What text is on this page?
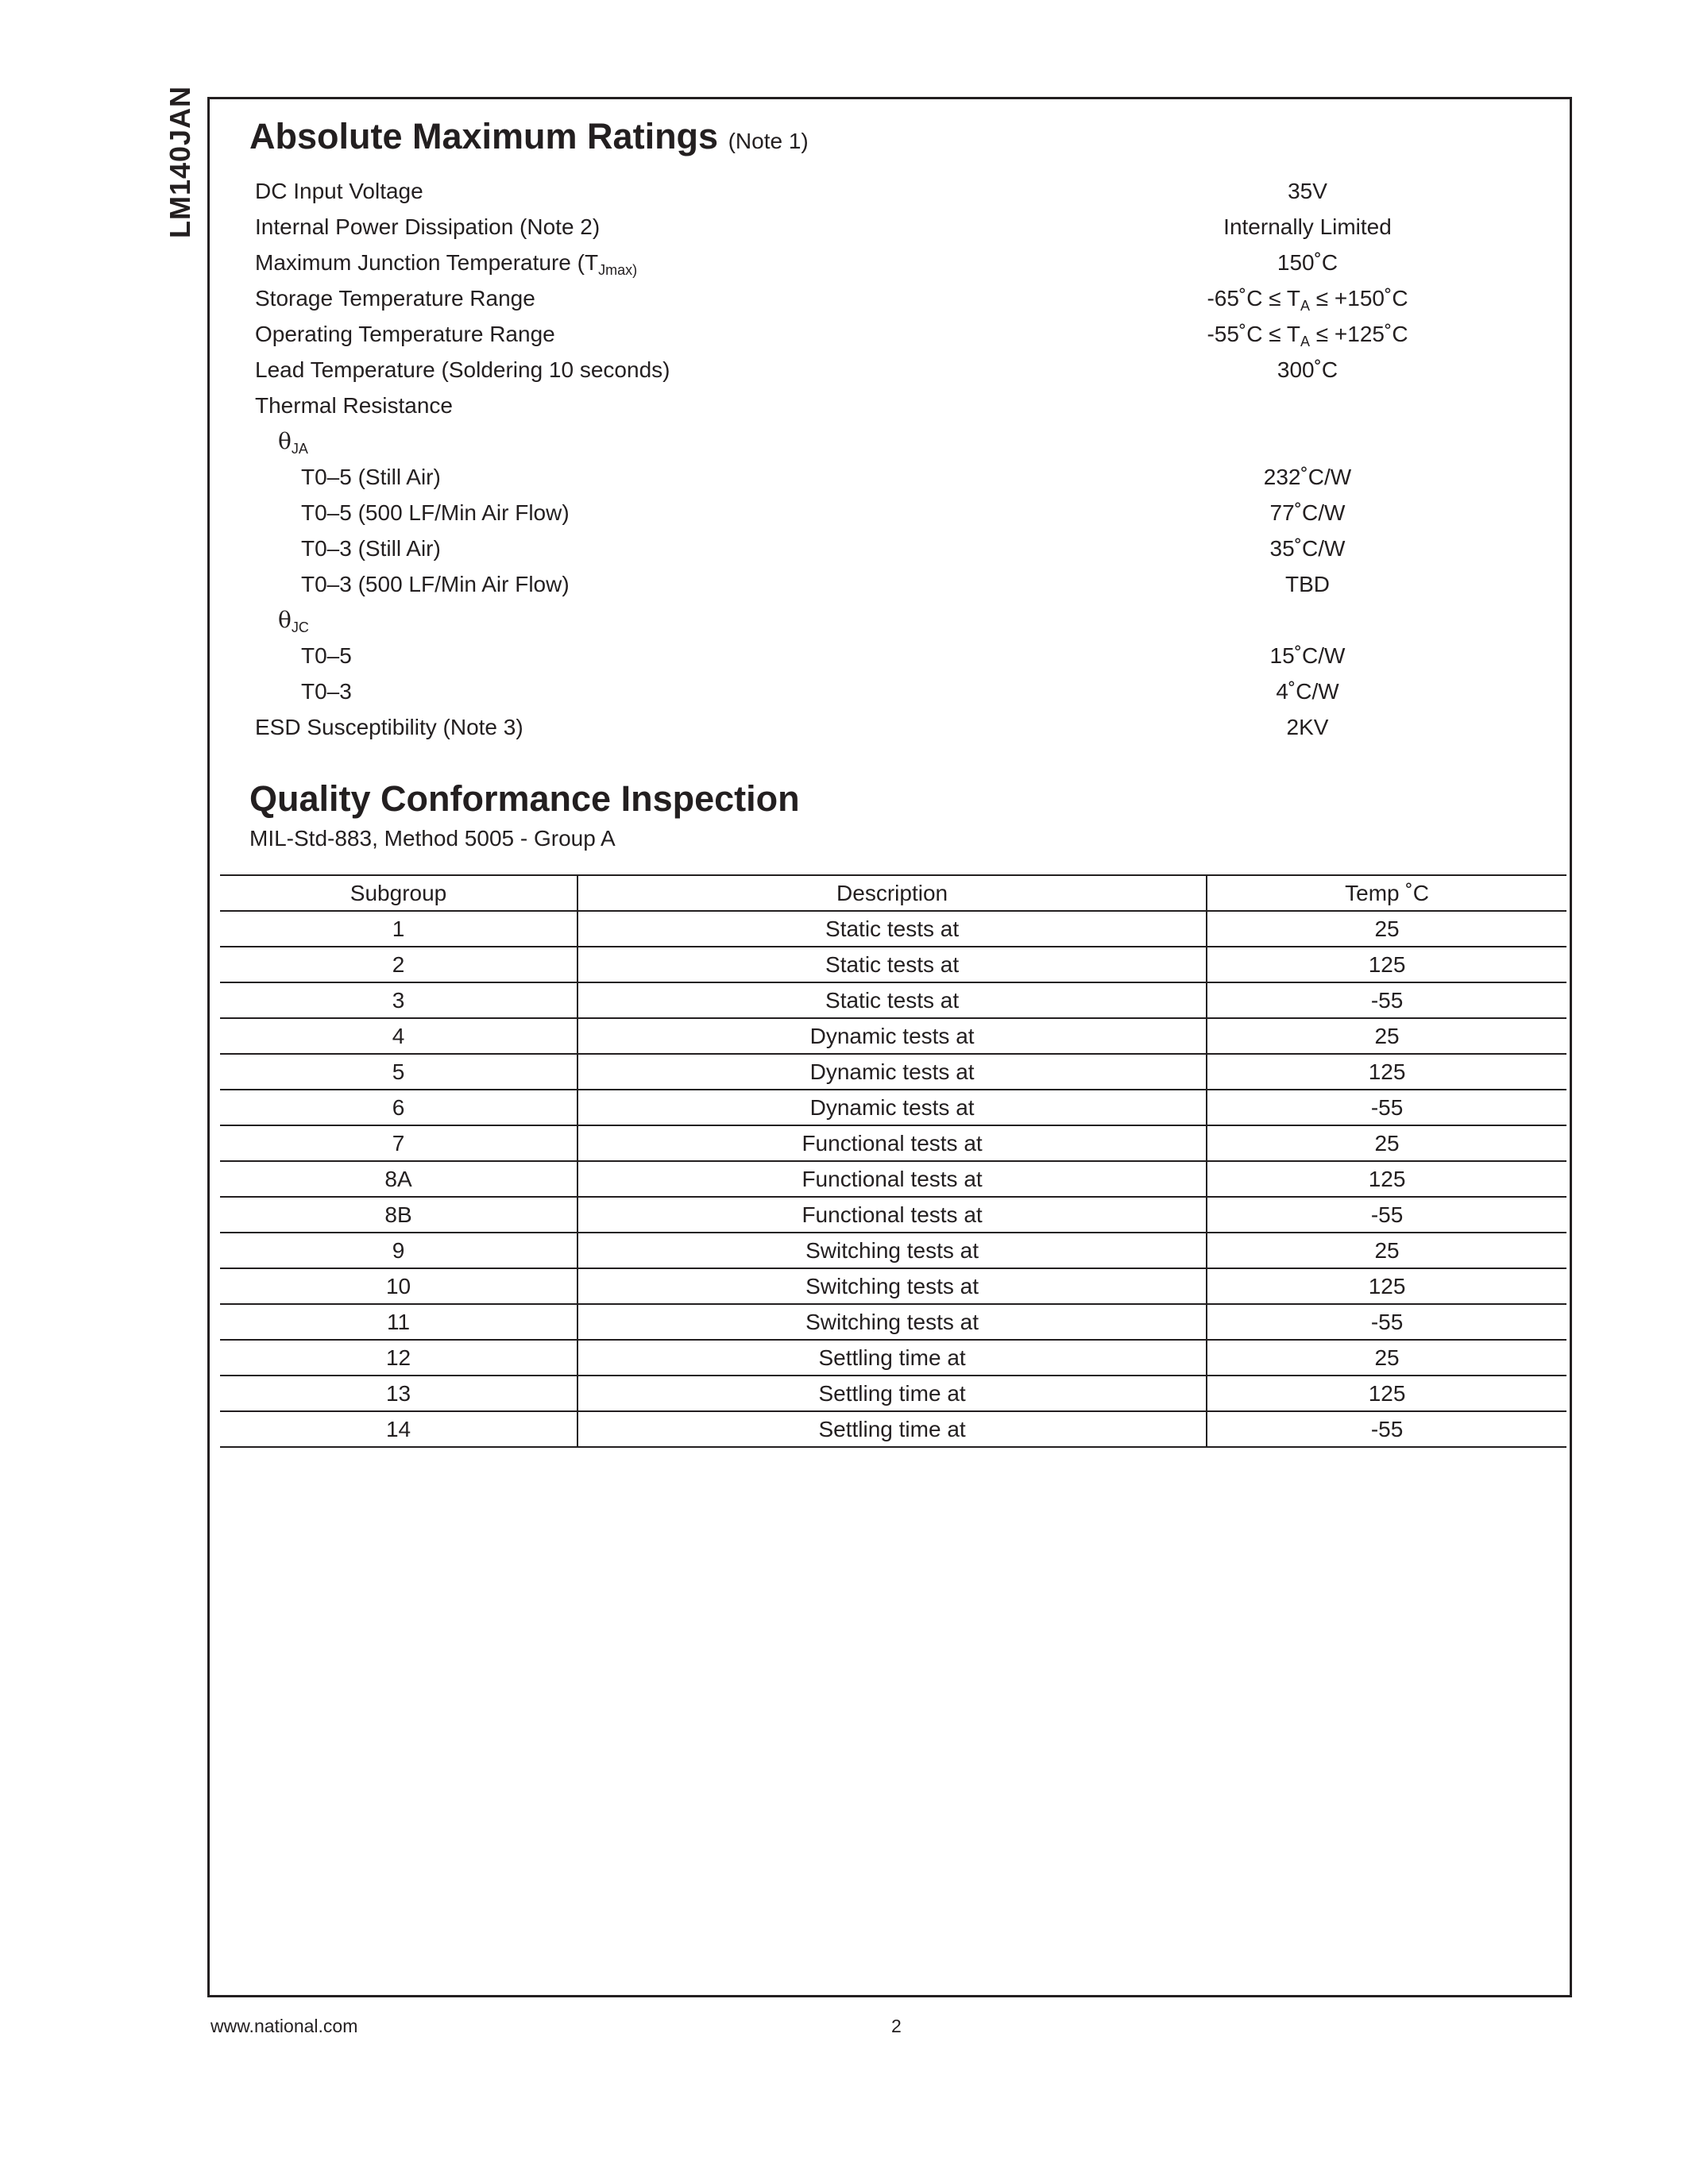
LM140JAN Absolute Maximum Ratings (Note 1)
DC Input Voltage	35V
Internal Power Dissipation (Note 2)	Internally Limited
Maximum Junction Temperature ($T_{Jmax)}$	150˚C
Storage Temperature Range	-65˚C ≤ $T_A$ ≤ +150˚C
Operating Temperature Range	-55˚C ≤ $T_A$ ≤ +125˚C
Lead Temperature (Soldering 10 seconds)	300˚C
Thermal Resistance
$\theta_{JA}$
T0–5 (Still Air)	232˚C/W
T0–5 (500 LF/Min Air Flow)	77˚C/W
T0–3 (Still Air)	35˚C/W
T0–3 (500 LF/Min Air Flow)	TBD
$\theta_{JC}$
T0–5	15˚C/W
T0–3	4˚C/W
ESD Susceptibility (Note 3)	2KV
Quality Conformance Inspection
MIL-Std-883, Method 5005 - Group A
Subgroup	Description	Temp ˚C
1	Static tests at	25
2	Static tests at	125
3	Static tests at	-55
4	Dynamic tests at	25
5	Dynamic tests at	125
6	Dynamic tests at	-55
7	Functional tests at	25
8A	Functional tests at	125
8B	Functional tests at	-55
9	Switching tests at	25
10	Switching tests at	125
11	Switching tests at	-55
12	Settling time at	25
13	Settling time at	125
14	Settling time at	-55
www.national.com	2
